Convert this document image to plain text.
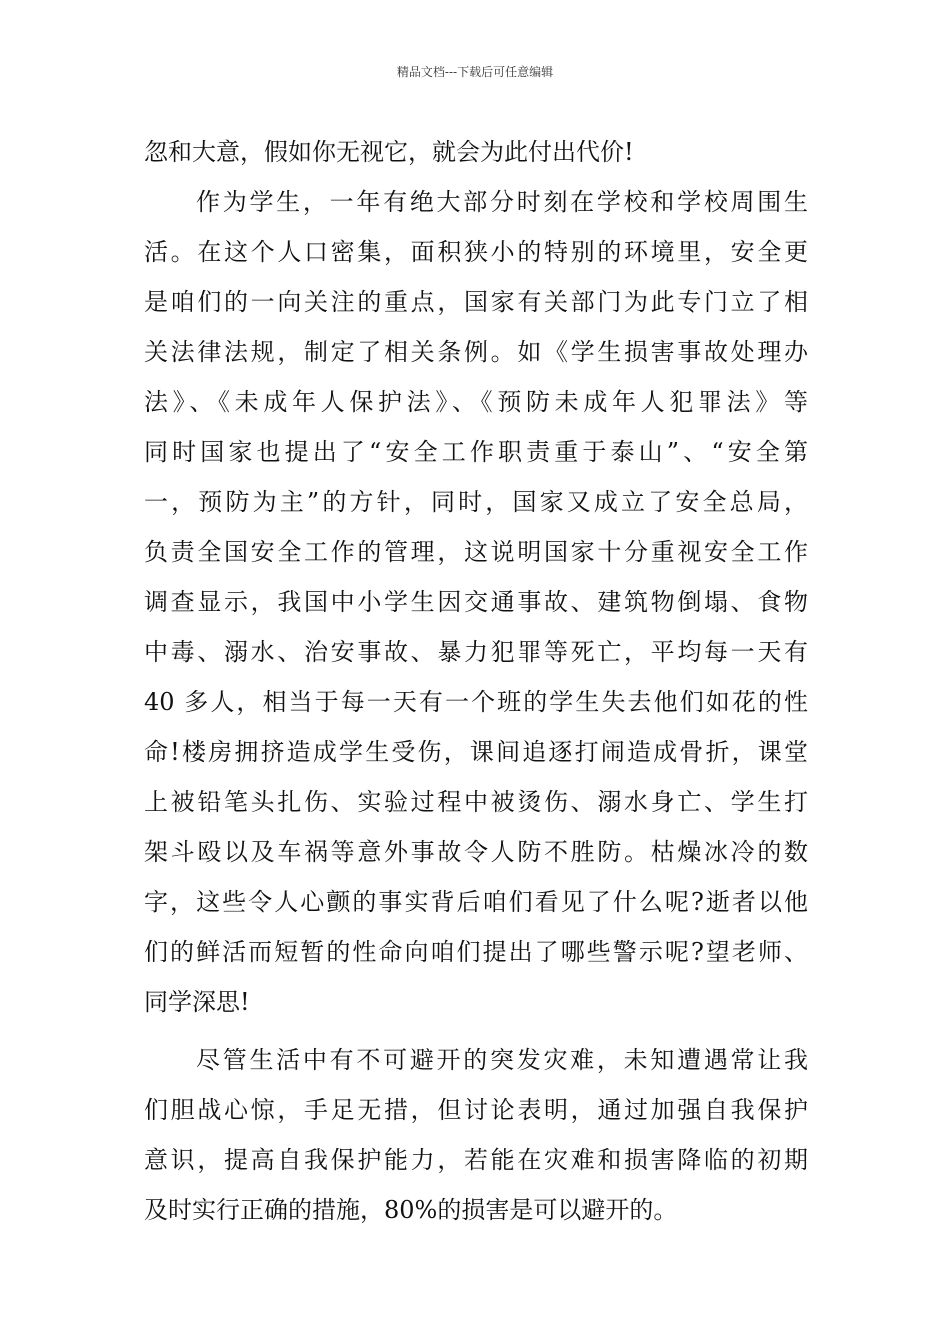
精品文档---下载后可任意编辑
忽和大意，假如你无视它，就会为此付出代价!
作为学生，一年有绝大部分时刻在学校和学校周围生
活。在这个人口密集，面积狭小的特别的环境里，安全更
是咱们的一向关注的重点，国家有关部门为此专门立了相
关法律法规，制定了相关条例。如《学生损害事故处理办
法》、《未成年人保护法》、《预防未成年人犯罪法》等
同时国家也提出了“安全工作职责重于泰山”、“安全第
一，预防为主”的方针，同时，国家又成立了安全总局，
负责全国安全工作的管理，这说明国家十分重视安全工作
调查显示，我国中小学生因交通事故、建筑物倒塌、食物
中毒、溺水、治安事故、暴力犯罪等死亡，平均每一天有
40 多人，相当于每一天有一个班的学生失去他们如花的性
命!楼房拥挤造成学生受伤，课间追逐打闹造成骨折，课堂
上被铅笔头扎伤、实验过程中被烫伤、溺水身亡、学生打
架斗殴以及车祸等意外事故令人防不胜防。枯燥冰冷的数
字，这些令人心颤的事实背后咱们看见了什么呢?逝者以他
们的鲜活而短暂的性命向咱们提出了哪些警示呢?望老师、
同学深思!
尽管生活中有不可避开的突发灾难，未知遭遇常让我
们胆战心惊，手足无措，但讨论表明，通过加强自我保护
意识，提高自我保护能力，若能在灾难和损害降临的初期
及时实行正确的措施，80%的损害是可以避开的。
